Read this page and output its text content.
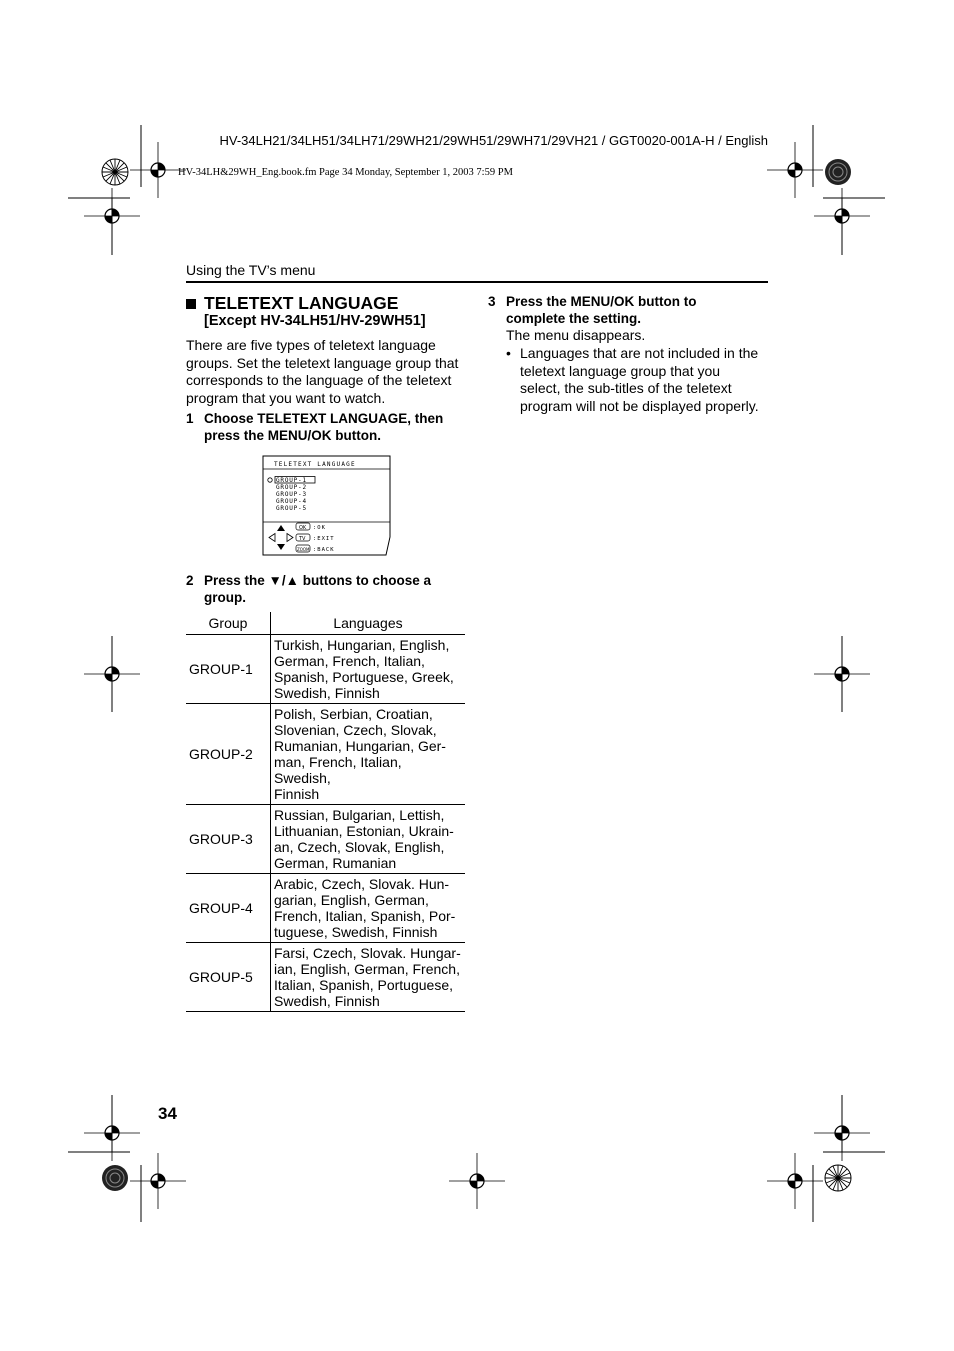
HV-34LH21/34LH51/34LH71/29WH21/29WH51/29WH71/29VH21 / GGT0020-001A-H / English
HV-34LH&29WH_Eng.book.fm Page 34 Monday, September 1, 2003 7:59 PM
Using the TV’s menu
TELETEXT LANGUAGE
[Except HV-34LH51/HV-29WH51]
There are five types of teletext language groups. Set the teletext language group that corresponds to the language of the teletext program that you want to watch.
1 Choose TELETEXT LANGUAGE, then
press the MENU/OK button.
TELETEXT LANGUAGE
GROUP-1
GROUP-2
GROUP-3
GROUP-4
GROUP-5
OK :OK
TV :EXIT
ZOOM :BACK
2 Press the ▼/▲ buttons to choose a
group.
Group	Languages
GROUP-1	Turkish, Hungarian, English,
German, French, Italian,
Spanish, Portuguese, Greek,
Swedish, Finnish

GROUP-2	Polish, Serbian, Croatian,
Slovenian, Czech, Slovak,
Rumanian, Hungarian, Ger-
man, French, Italian, Swedish,
Finnish

GROUP-3	Russian, Bulgarian, Lettish,
Lithuanian, Estonian, Ukrain-
an, Czech, Slovak, English,
German, Rumanian

GROUP-4	Arabic, Czech, Slovak. Hun-
garian, English, German,
French, Italian, Spanish, Por-
tuguese, Swedish, Finnish

GROUP-5	Farsi, Czech, Slovak. Hungar-
ian, English, German, French,
Italian, Spanish, Portuguese,
Swedish, Finnish
3 Press the MENU/OK button to
complete the setting.
The menu disappears.
• Languages that are not included in the
teletext language group that you
select, the sub-titles of the teletext
program will not be displayed properly.
34
